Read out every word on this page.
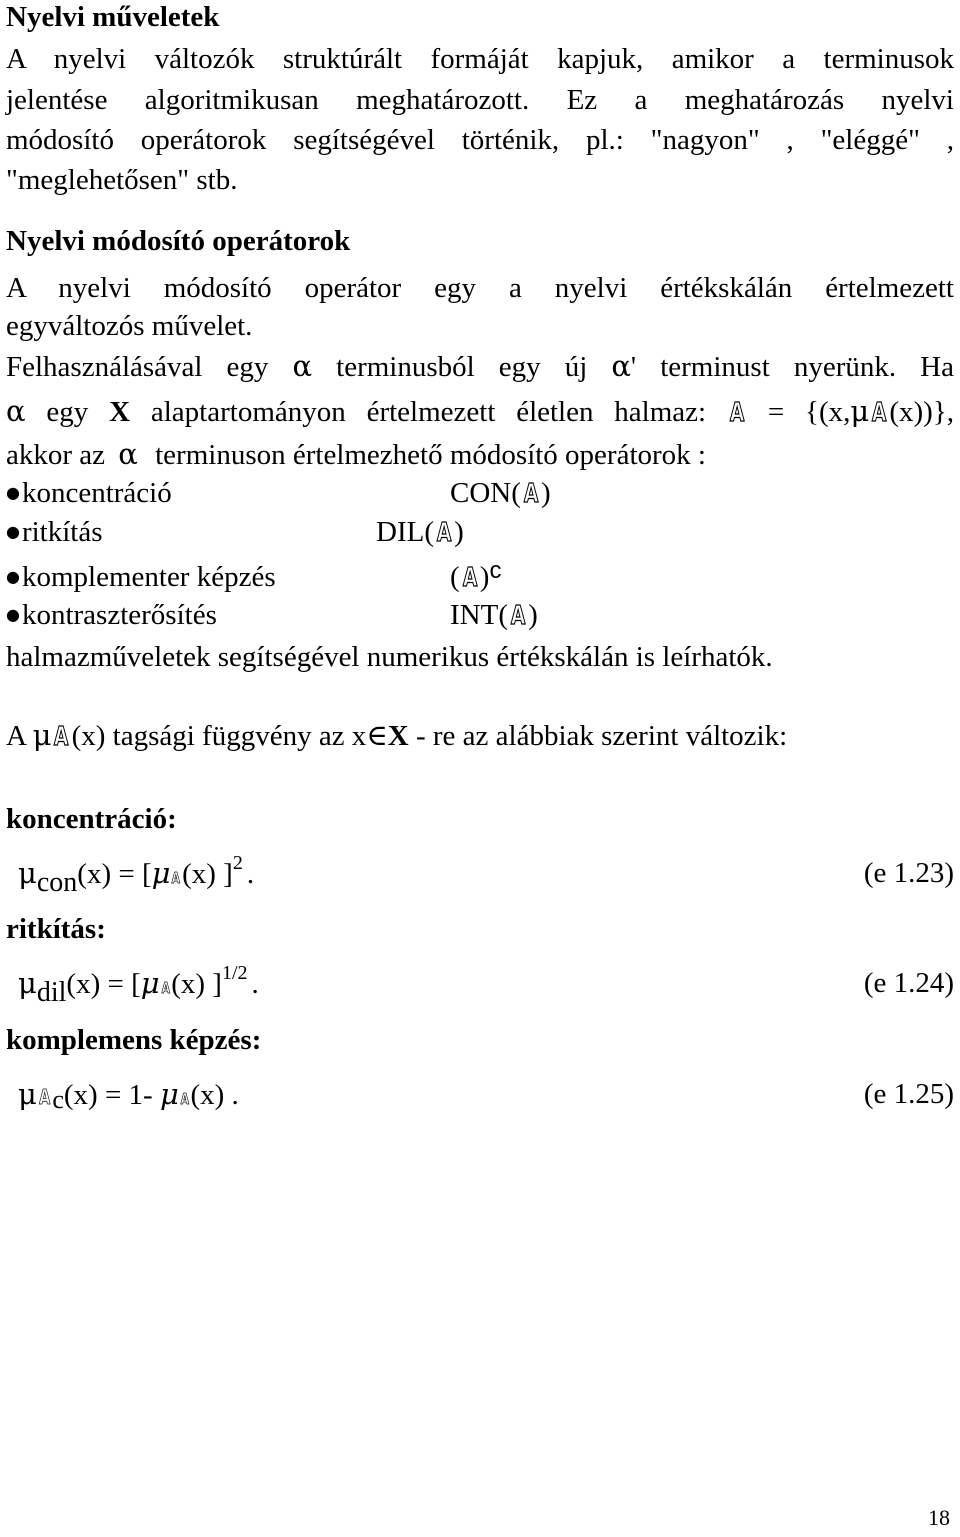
Nyelvi műveletek
A nyelvi változók struktúrált formáját kapjuk, amikor a terminusok
jelentése algoritmikusan meghatározott. Ez a meghatározás nyelvi
módosító operátorok segítségével történik, pl.: "nagyon" , "eléggé" ,
"meglehetősen" stb.
Nyelvi módosító operátorok
A nyelvi módosító operátor egy a nyelvi értékskálán értelmezett
egyváltozós művelet.
Felhasználásával egy α terminusból egy új α' terminust nyerünk. Ha
α egy X alaptartományon értelmezett életlen halmaz: A = {(x,μ A(x))},
akkor az α terminuson értelmezhető módosító operátorok :
●koncentráció	CON( A)
●ritkítás	DIL( A)
●komplementer képzés	( A)$^c$
●kontraszterősítés	INT( A)
halmazműveletek segítségével numerikus értékskálán is leírhatók.
A μ A(x) tagsági függvény az x∈X - re az alábbiak szerint változik:
koncentráció:
$\mu_{con}(x) = [\mu$ A(x) ]$^2$ .	(e 1.23)
ritkítás:
$\mu_{dil}(x) = [\mu$ A(x) ]$^{1/2}$ .	(e 1.24)
komplemens képzés:
μ $A_c(x) = 1-$ μ A(x) .	(e 1.25)
18
